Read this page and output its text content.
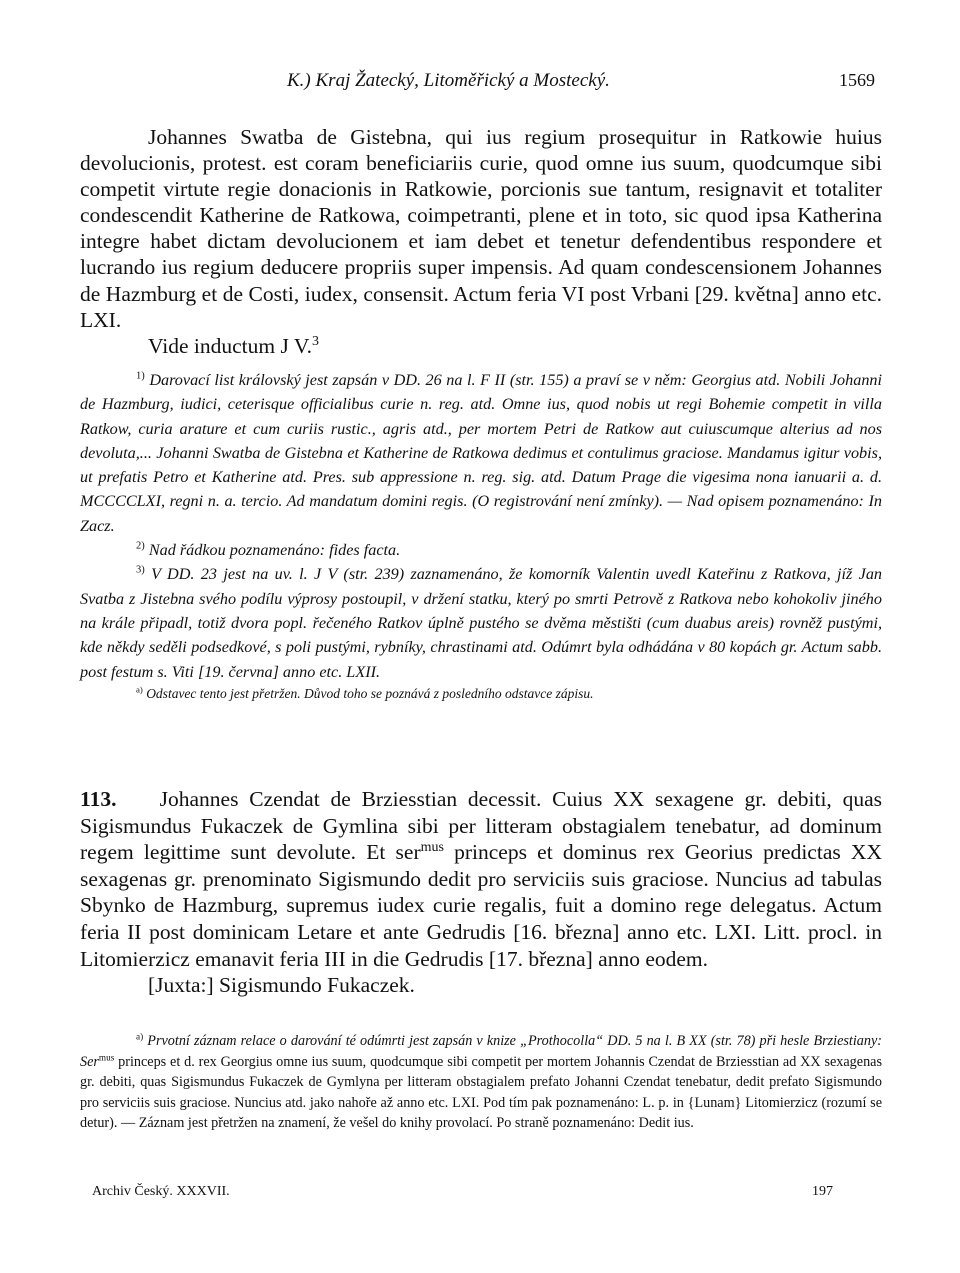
K.) Kraj Žatecký, Litoměřický a Mostecký.	1569

Johannes Swatba de Gistebna, qui ius regium prosequitur in Ratkowie huius devolucionis, protest. est coram beneficiariis curie, quod omne ius suum, quodcumque sibi competit virtute regie donacionis in Ratkowie, porcionis sue tantum, resignavit et totaliter condescendit Katherine de Ratkowa, coimpetranti, plene et in toto, sic quod ipsa Katherina integre habet dictam devolucionem et iam debet et tenetur defendentibus respondere et lucrando ius regium deducere propriis super impensis. Ad quam condescensionem Johannes de Hazmburg et de Costi, iudex, consensit. Actum feria VI post Vrbani [29. května] anno etc. LXI.

Vide inductum J V.$^3$

$^{1)}$ Darovací list královský jest zapsán v DD. 26 na l. F II (str. 155) a praví se v něm: Georgius atd. Nobili Johanni de Hazmburg, iudici, ceterisque officialibus curie n. reg. atd. Omne ius, quod nobis ut regi Bohemie competit in villa Ratkow, curia arature et cum curiis rustic., agris atd., per mortem Petri de Ratkow aut cuiuscumque alterius ad nos devoluta,... Johanni Swatba de Gistebna et Katherine de Ratkowa dedimus et contulimus graciose. Mandamus igitur vobis, ut prefatis Petro et Katherine atd. Pres. sub appressione n. reg. sig. atd. Datum Prage die vigesima nona ianuarii a. d. MCCCCLXI, regni n. a. tercio. Ad mandatum domini regis. (O registrování není zmínky). — Nad opisem poznamenáno: In Zacz.

$^{2)}$ Nad řádkou poznamenáno: fides facta.

$^{3)}$ V DD. 23 jest na uv. l. J V (str. 239) zaznamenáno, že komorník Valentin uvedl Kateřinu z Ratkova, jíž Jan Svatba z Jistebna svého podílu výprosy postoupil, v držení statku, který po smrti Petrově z Ratkova nebo kohokoliv jiného na krále připadl, totiž dvora popl. řečeného Ratkov úplně pustého se dvěma městišti (cum duabus areis) rovněž pustými, kde někdy seděli podsedkové, s poli pustými, rybníky, chrastinami atd. Odúmrt byla odhádána v 80 kopách gr. Actum sabb. post festum s. Viti [19. června] anno etc. LXII.

$^{a)}$ Odstavec tento jest přetržen. Důvod toho se poznává z posledního odstavce zápisu.

113. Johannes Czendat de Brziesstian decessit. Cuius XX sexagene gr. debiti, quas Sigismundus Fukaczek de Gymlina sibi per litteram obstagialem tenebatur, ad dominum regem legittime sunt devolute. Et ser$^{mus}$ princeps et dominus rex Georius predictas XX sexagenas gr. prenominato Sigismundo dedit pro serviciis suis graciose. Nuncius ad tabulas Sbynko de Hazmburg, supremus iudex curie regalis, fuit a domino rege delegatus. Actum feria II post dominicam Letare et ante Gedrudis [16. března] anno etc. LXI. Litt. procl. in Litomierzicz emanavit feria III in die Gedrudis [17. března] anno eodem.

[Juxta:] Sigismundo Fukaczek.

$^{a)}$ Prvotní záznam relace o darování té odúmrti jest zapsán v knize „Prothocolla“ DD. 5 na l. B XX (str. 78) při hesle Brziestiany: Ser$^{mus}$ princeps et d. rex Georgius omne ius suum, quodcumque sibi competit per mortem Johannis Czendat de Brziesstian ad XX sexagenas gr. debiti, quas Sigismundus Fukaczek de Gymlyna per litteram obstagialem prefato Johanni Czendat tenebatur, dedit prefato Sigismundo pro serviciis suis graciose. Nuncius atd. jako nahoře až anno etc. LXI. Pod tím pak poznamenáno: L. p. in {Lunam} Litomierzicz (rozumí se detur). — Záznam jest přetržen na znamení, že vešel do knihy provolací. Po straně poznamenáno: Dedit ius.

Archiv Český. XXXVII.	197
